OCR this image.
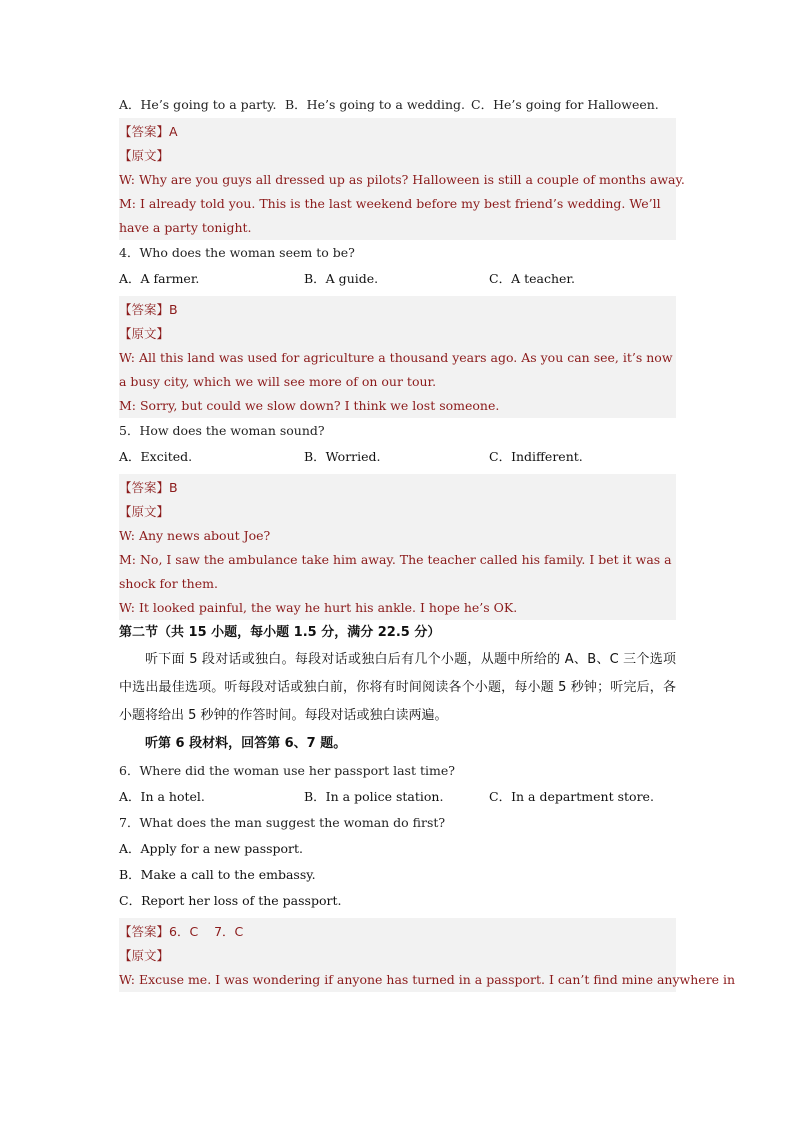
A．He’s going to a party. B．He’s going to a wedding. C．He’s going for Halloween.
【答案】A
【原文】
W: Why are you guys all dressed up as pilots? Halloween is still a couple of months away.
M: I already told you. This is the last weekend before my best friend’s wedding. We’ll have a party tonight.
4．Who does the woman seem to be?
A．A farmer.	B．A guide.	C．A teacher.
【答案】B
【原文】
W: All this land was used for agriculture a thousand years ago. As you can see, it’s now a busy city, which we will see more of on our tour.
M: Sorry, but could we slow down? I think we lost someone.
5．How does the woman sound?
A．Excited.	B．Worried.	C．Indifferent.
【答案】B
【原文】
W: Any news about Joe?
M: No, I saw the ambulance take him away. The teacher called his family. I bet it was a shock for them.
W: It looked painful, the way he hurt his ankle. I hope he’s OK.
第二节（共 15 小题，每小题 1.5 分，满分 22.5 分）
听下面 5 段对话或独白。每段对话或独白后有几个小题，从题中所给的 A、B、C 三个选项中选出最佳选项。听每段对话或独白前，你将有时间阅读各个小题，每小题 5 秒钟；听完后，各小题将给出 5 秒钟的作答时间。每段对话或独白读两遍。
听第 6 段材料，回答第 6、7 题。
6．Where did the woman use her passport last time?
A．In a hotel.	B．In a police station.	C．In a department store.
7．What does the man suggest the woman do first?
A．Apply for a new passport.
B．Make a call to the embassy.
C．Report her loss of the passport.
【答案】6．C    7．C
【原文】
W: Excuse me. I was wondering if anyone has turned in a passport. I can’t find mine anywhere in
